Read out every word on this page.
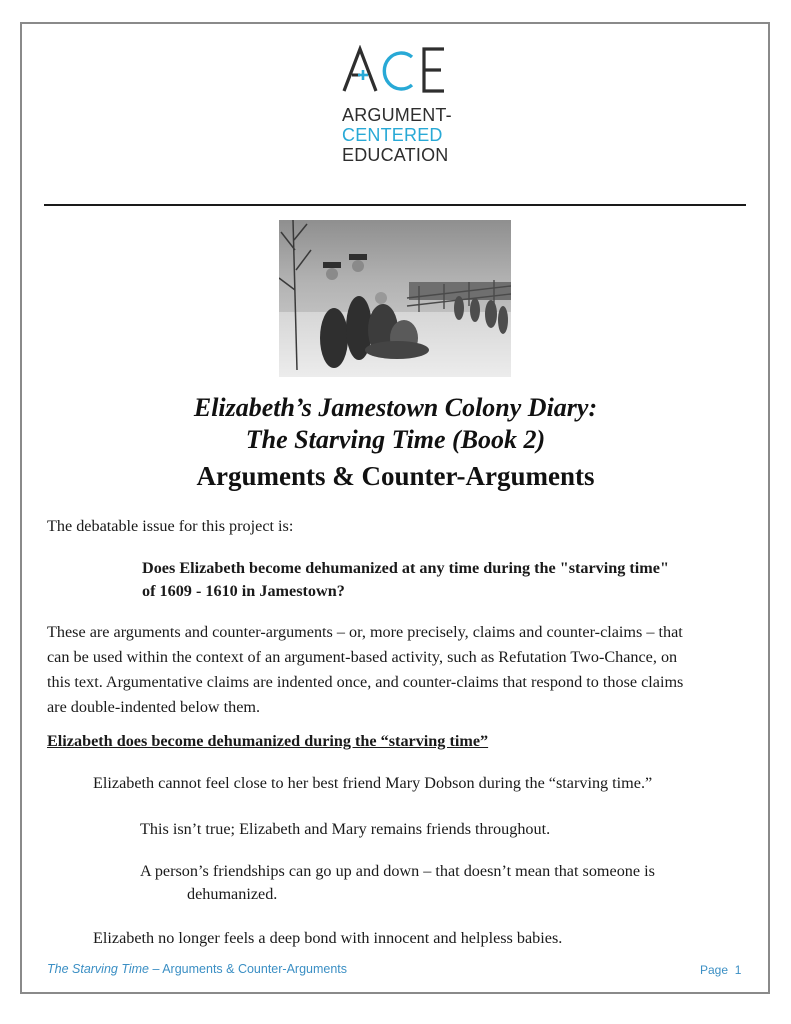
ARGUMENT-
CENTERED
EDUCATION
Elizabeth’s Jamestown Colony Diary:
The Starving Time (Book 2)
Arguments & Counter-Arguments
The debatable issue for this project is:
Does Elizabeth become dehumanized at any time during the "starving time"
of 1609 - 1610 in Jamestown?
These are arguments and counter-arguments – or, more precisely, claims and counter-claims – that
can be used within the context of an argument-based activity, such as Refutation Two-Chance, on
this text. Argumentative claims are indented once, and counter-claims that respond to those claims
are double-indented below them.
Elizabeth does become dehumanized during the “starving time”
Elizabeth cannot feel close to her best friend Mary Dobson during the “starving time.”
This isn’t true; Elizabeth and Mary remains friends throughout.
A person’s friendships can go up and down – that doesn’t mean that someone is
dehumanized.
Elizabeth no longer feels a deep bond with innocent and helpless babies.
The Starving Time – Arguments & Counter-Arguments	Page 1
